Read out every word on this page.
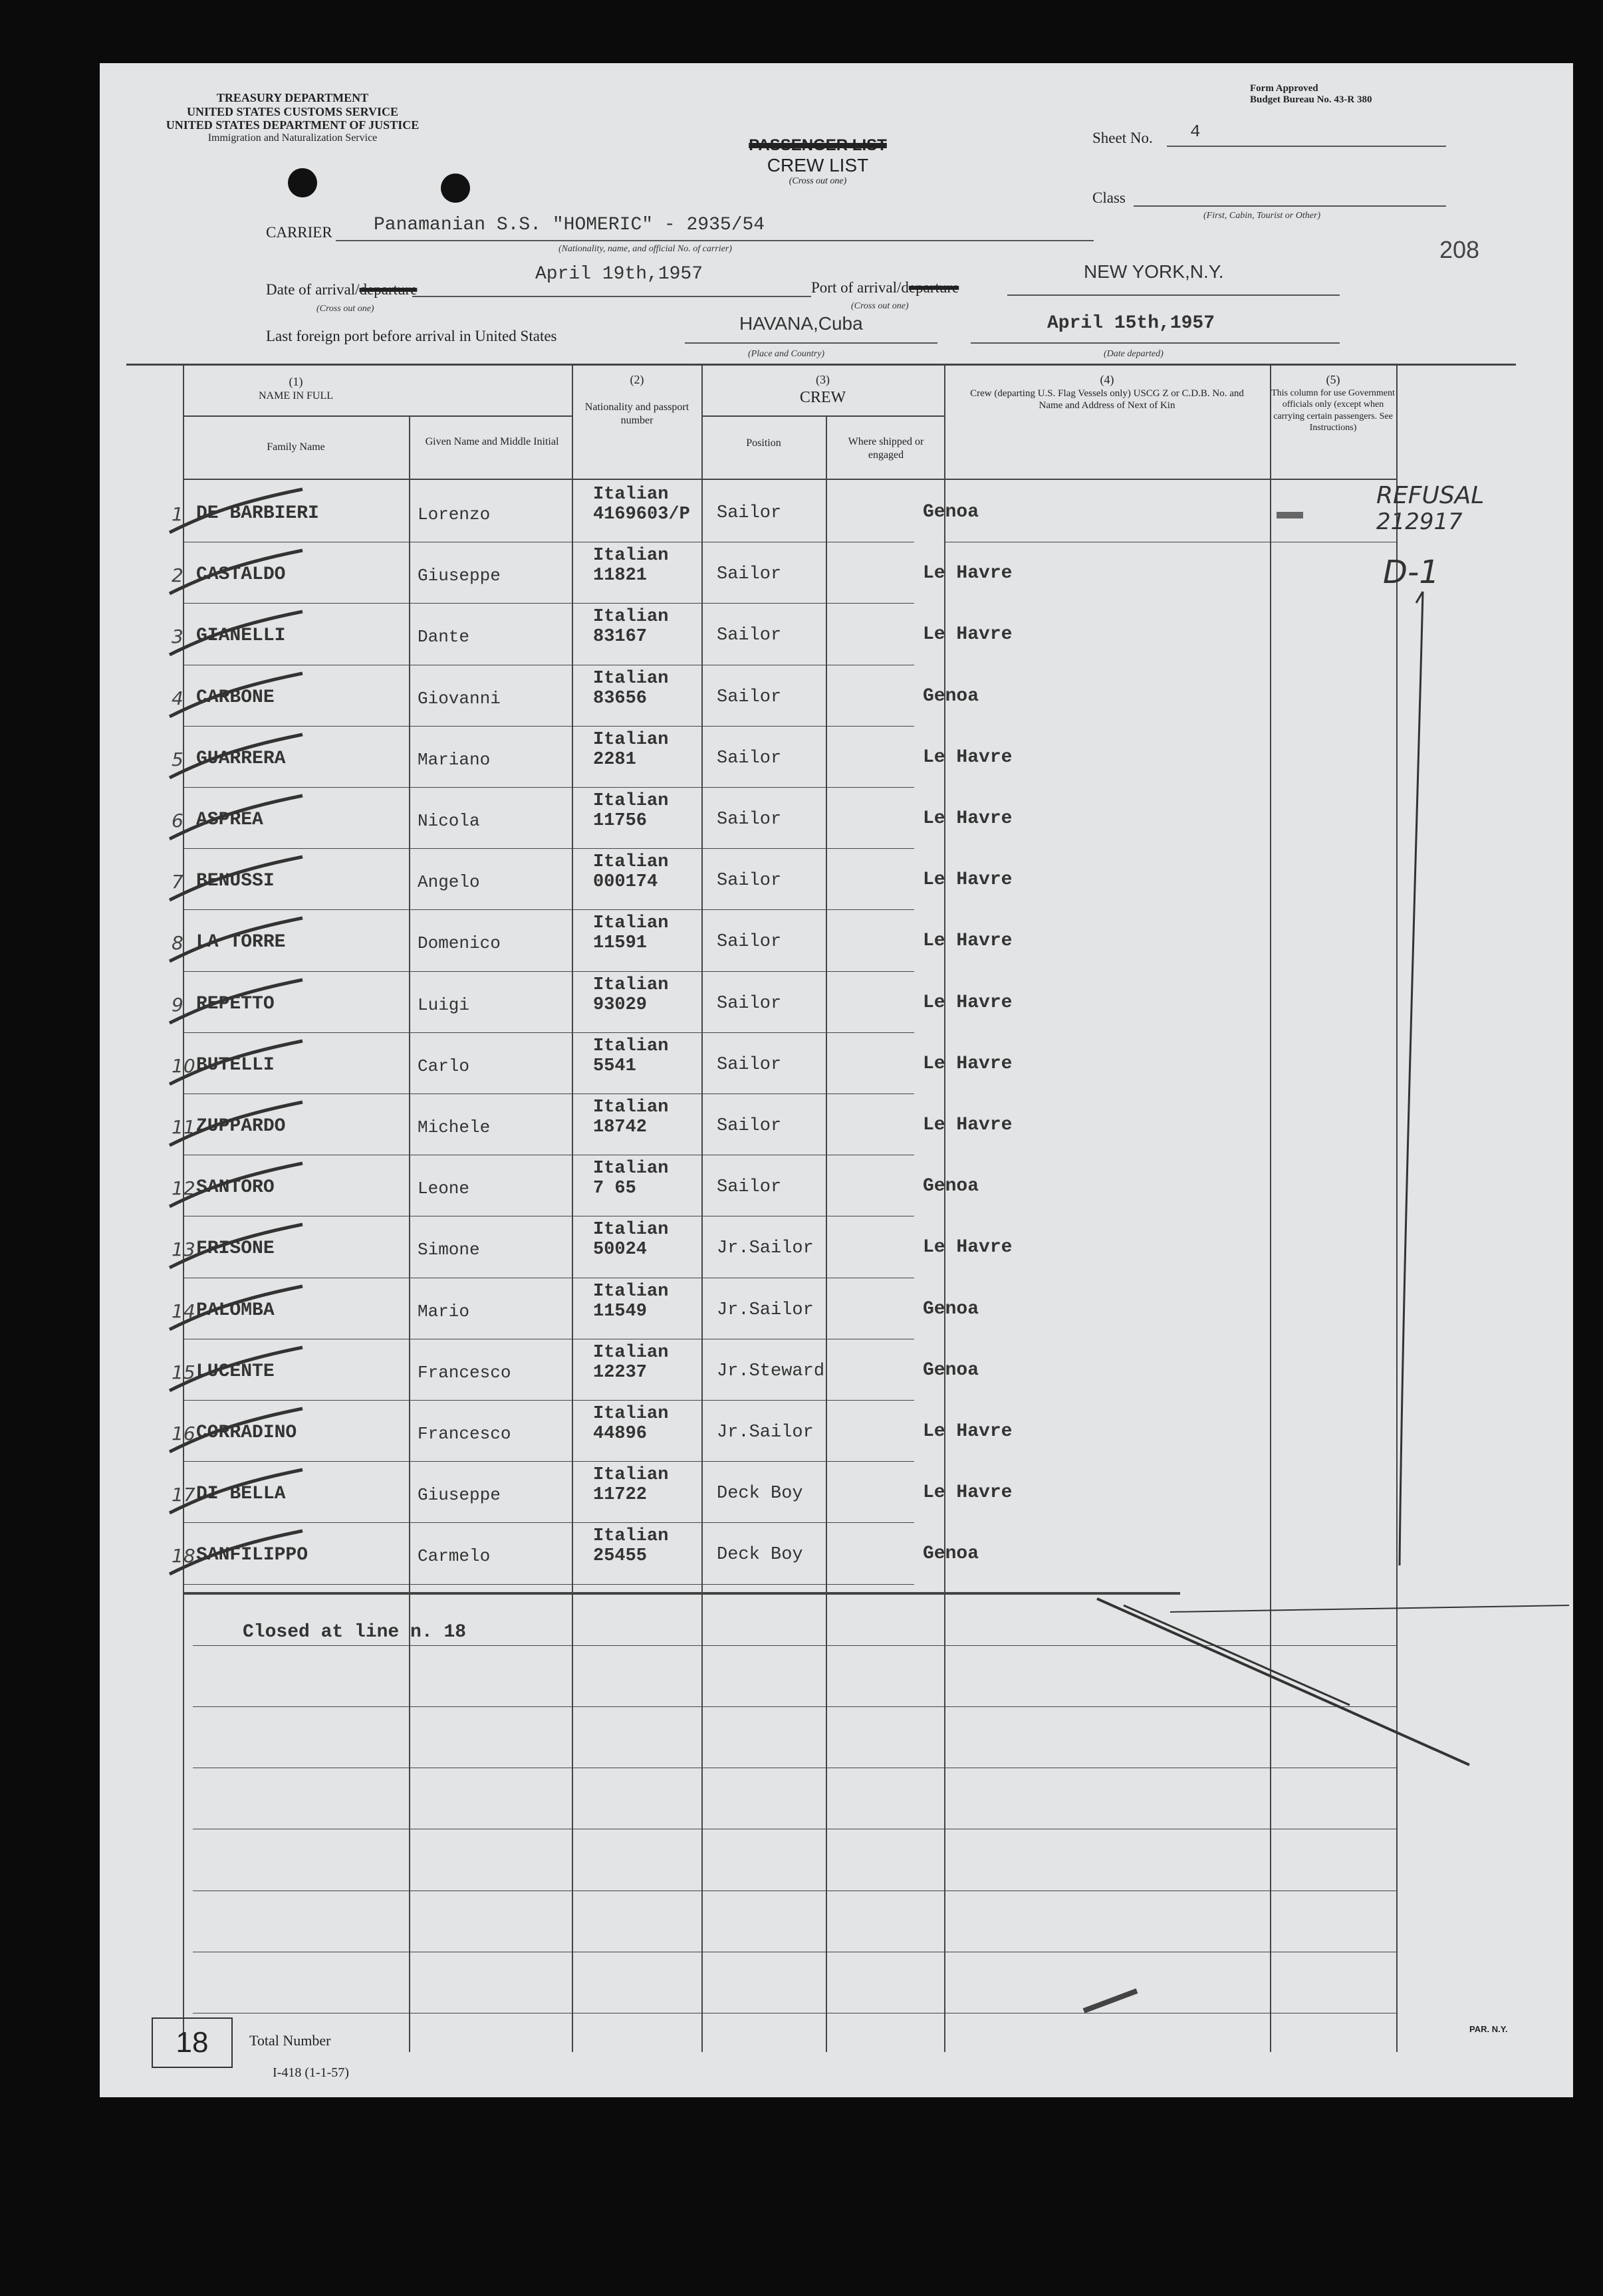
TREASURY DEPARTMENT
UNITED STATES CUSTOMS SERVICE
UNITED STATES DEPARTMENT OF JUSTICE
Immigration and Naturalization Service
Form Approved
Budget Bureau No. 43-R 380
PASSENGER LIST
CREW LIST
(Cross out one)
Sheet No. 4
Class
(First, Cabin, Tourist or Other)
208
CARRIER Panamanian S.S. "HOMERIC" - 2935/54
(Nationality, name, and official No. of carrier)
Date of arrival/departure
April 19th,1957
(Cross out one)
Port of arrival/departure
NEW YORK,N.Y.
(Cross out one)
Last foreign port before arrival in United States
HAVANA,Cuba
(Place and Country)
April 15th,1957
(Date departed)
(1)
NAME IN FULL
Family Name	Given Name and Middle Initial
(2)
Nationality and passport number
(3)
CREW
Position	Where shipped or engaged
(4)
Crew (departing U.S. Flag Vessels only) USCG Z or C.D.B. No. and Name and Address of Next of Kin
(5)
This column for use Government officials only (except when carrying certain passengers. See Instructions)
1 DE BARBIERI	Lorenzo
Italian
4169603/P Sailor	Genoa
2 CASTALDO	Giuseppe
Italian
11821	Sailor	Le Havre
3 GIANELLI	Dante
Italian
83167	Sailor	Le Havre
4 CARBONE	Giovanni
Italian
83656	Sailor	Genoa
5 GUARRERA	Mariano
Italian
2281	Sailor	Le Havre
6 ASPREA	Nicola
Italian
11756	Sailor	Le Havre
7 BENUSSI	Angelo
Italian
000174	Sailor	Le Havre
8 LA TORRE	Domenico
Italian
11591	Sailor	Le Havre
9 REPETTO	Luigi
Italian
93029	Sailor	Le Havre
10 BUTELLI	Carlo
Italian
5541	Sailor	Le Havre
11 ZUPPARDO	Michele
Italian
18742	Sailor	Le Havre
12 SANTORO	Leone
Italian
7 65	Sailor	Genoa
13 FRISONE	Simone
Italian
50024	Jr.Sailor	Le Havre
14 PALOMBA	Mario
Italian
11549	Jr.Sailor	Genoa
15 LUCENTE	Francesco
Italian
12237	Jr.Steward	Genoa
16 CORRADINO	Francesco
Italian
44896	Jr.Sailor	Le Havre
17 DI BELLA	Giuseppe
Italian
11722	Deck Boy	Le Havre
18 SANFILIPPO	Carmelo
Italian
25455	Deck Boy	Genoa
Closed at line n. 18
REFUSAL
212917
D-1
18	Total Number
I-418 (1-1-57)
PAR. N.Y.
